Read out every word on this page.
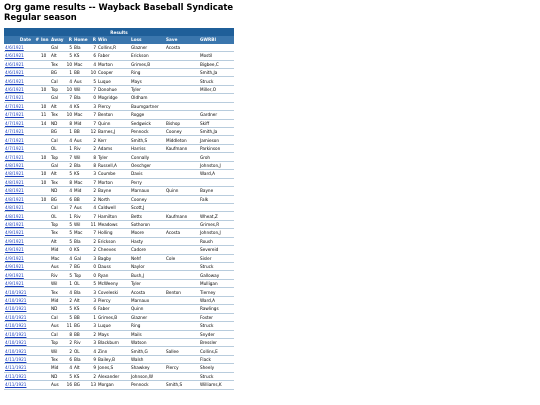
Org game results -- Wayback Baseball Syndicate
Regular season
Results										
Date	#	Inn	Away	R	Home	R	Win	Loss	Save	GWRBI
4/6/1921			Gal	5	Bla	7	Collins,R	Glazner	Acosta	
4/6/1921		10	Alt	5	KS	6	Faber	Erickson		Mostil
4/6/1921			Tex	10	Mac	4	Morton	Grimes,B		Bigbee,C
4/6/1921			BG	1	BB	10	Cooper	Ring		Smith,Ja
4/6/1921			Cal	4	Aus	5	Luque	Mays		Struck
4/6/1921		10	Top	10	Wil	7	Donohue	Tyler		Miller,O
4/7/1921			Gal	7	Bla	0	Mogridge	Oldham		
4/7/1921		10	Alt	4	KS	3	Piercy	Baumgartner		
4/7/1921		11	Tex	10	Mac	7	Benton	Rogge		Gardner
4/7/1921		14	ND	8	Mid	7	Quinn	Sedgwick	Bishop	Skiff
4/7/1921			BG	1	BB	12	Barnes,J	Pennock	Cooney	Smith,Ja
4/7/1921			Cal	4	Aus	2	Kerr	Smith,S	Middleton	Jamieson
4/7/1921			OL	1	Riv	2	Adams	Harriss	Kaufmann	Parkinson
4/7/1921		10	Top	7	Wil	8	Tyler	Connally		Groh
4/8/1921			Gal	2	Bla	8	Russell,A	Oeschger		Johnston,J
4/8/1921		10	Alt	5	KS	3	Coumbe	Davis		Ward,A
4/8/1921		10	Tex	8	Mac	7	Morton	Perry		
4/8/1921			ND	4	Mid	2	Bayne	Marnaux	Quinn	Bayne
4/8/1921		10	BG	6	BB	2	North	Cooney		Falk
4/8/1921			Cal	7	Aus	4	Caldwell	Scott,J		
4/8/1921			OL	1	Riv	7	Hamilton	Betts	Kaufmann	Wheat,Z
4/8/1921			Top	5	Wil	11	Meadows	Sothoron		Grimes,R
4/9/1921			Tex	5	Mac	7	Holling	Moore	Acosta	Johnston,J
4/9/1921			Alt	5	Bla	2	Erickson	Hasty		Roush
4/9/1921			Mid	0	KS	2	Cheeves	Cadore		Severeid
4/9/1921			Mac	4	Gal	3	Bagby	Nehf	Cole	Sisler
4/9/1921			Aus	7	BG	0	Dauss	Naylor		Struck
4/9/1921			Riv	5	Top	0	Ryan	Bush,J		Galloway
4/9/1921			Wil	1	OL	5	McWeeny	Tyler		Mulligan
4/10/1921			Tex	4	Bla	3	Coveleski	Acosta	Benton	Tierney
4/10/1921			Mid	2	Alt	3	Piercy	Marnaux		Ward,A
4/10/1921			ND	5	KS	6	Faber	Quinn		Rawlings
4/10/1921			Cal	5	BB	1	Grimes,B	Glazner		Foster
4/10/1921			Aus	11	BG	3	Luque	Ring		Struck
4/10/1921			Cal	8	BB	2	Mays	Mails		Snyder
4/10/1921			Top	2	Riv	3	Blackburn	Watson		Bressler
4/10/1921			Wil	2	OL	4	Zinn	Smith,G	Sallee	Collins,E
4/11/1921			Tex	6	Bla	9	Bailey,B	Walsh		Flack
4/11/1921			Mid	4	Alt	9	Jones,S	Shawkey	Piercy	Sheely
4/11/1921			ND	5	KS	2	Alexander	Johnson,W		Struck
4/11/1921			Aus	16	BG	13	Morgan	Pennock	Smith,S	Williams,K
